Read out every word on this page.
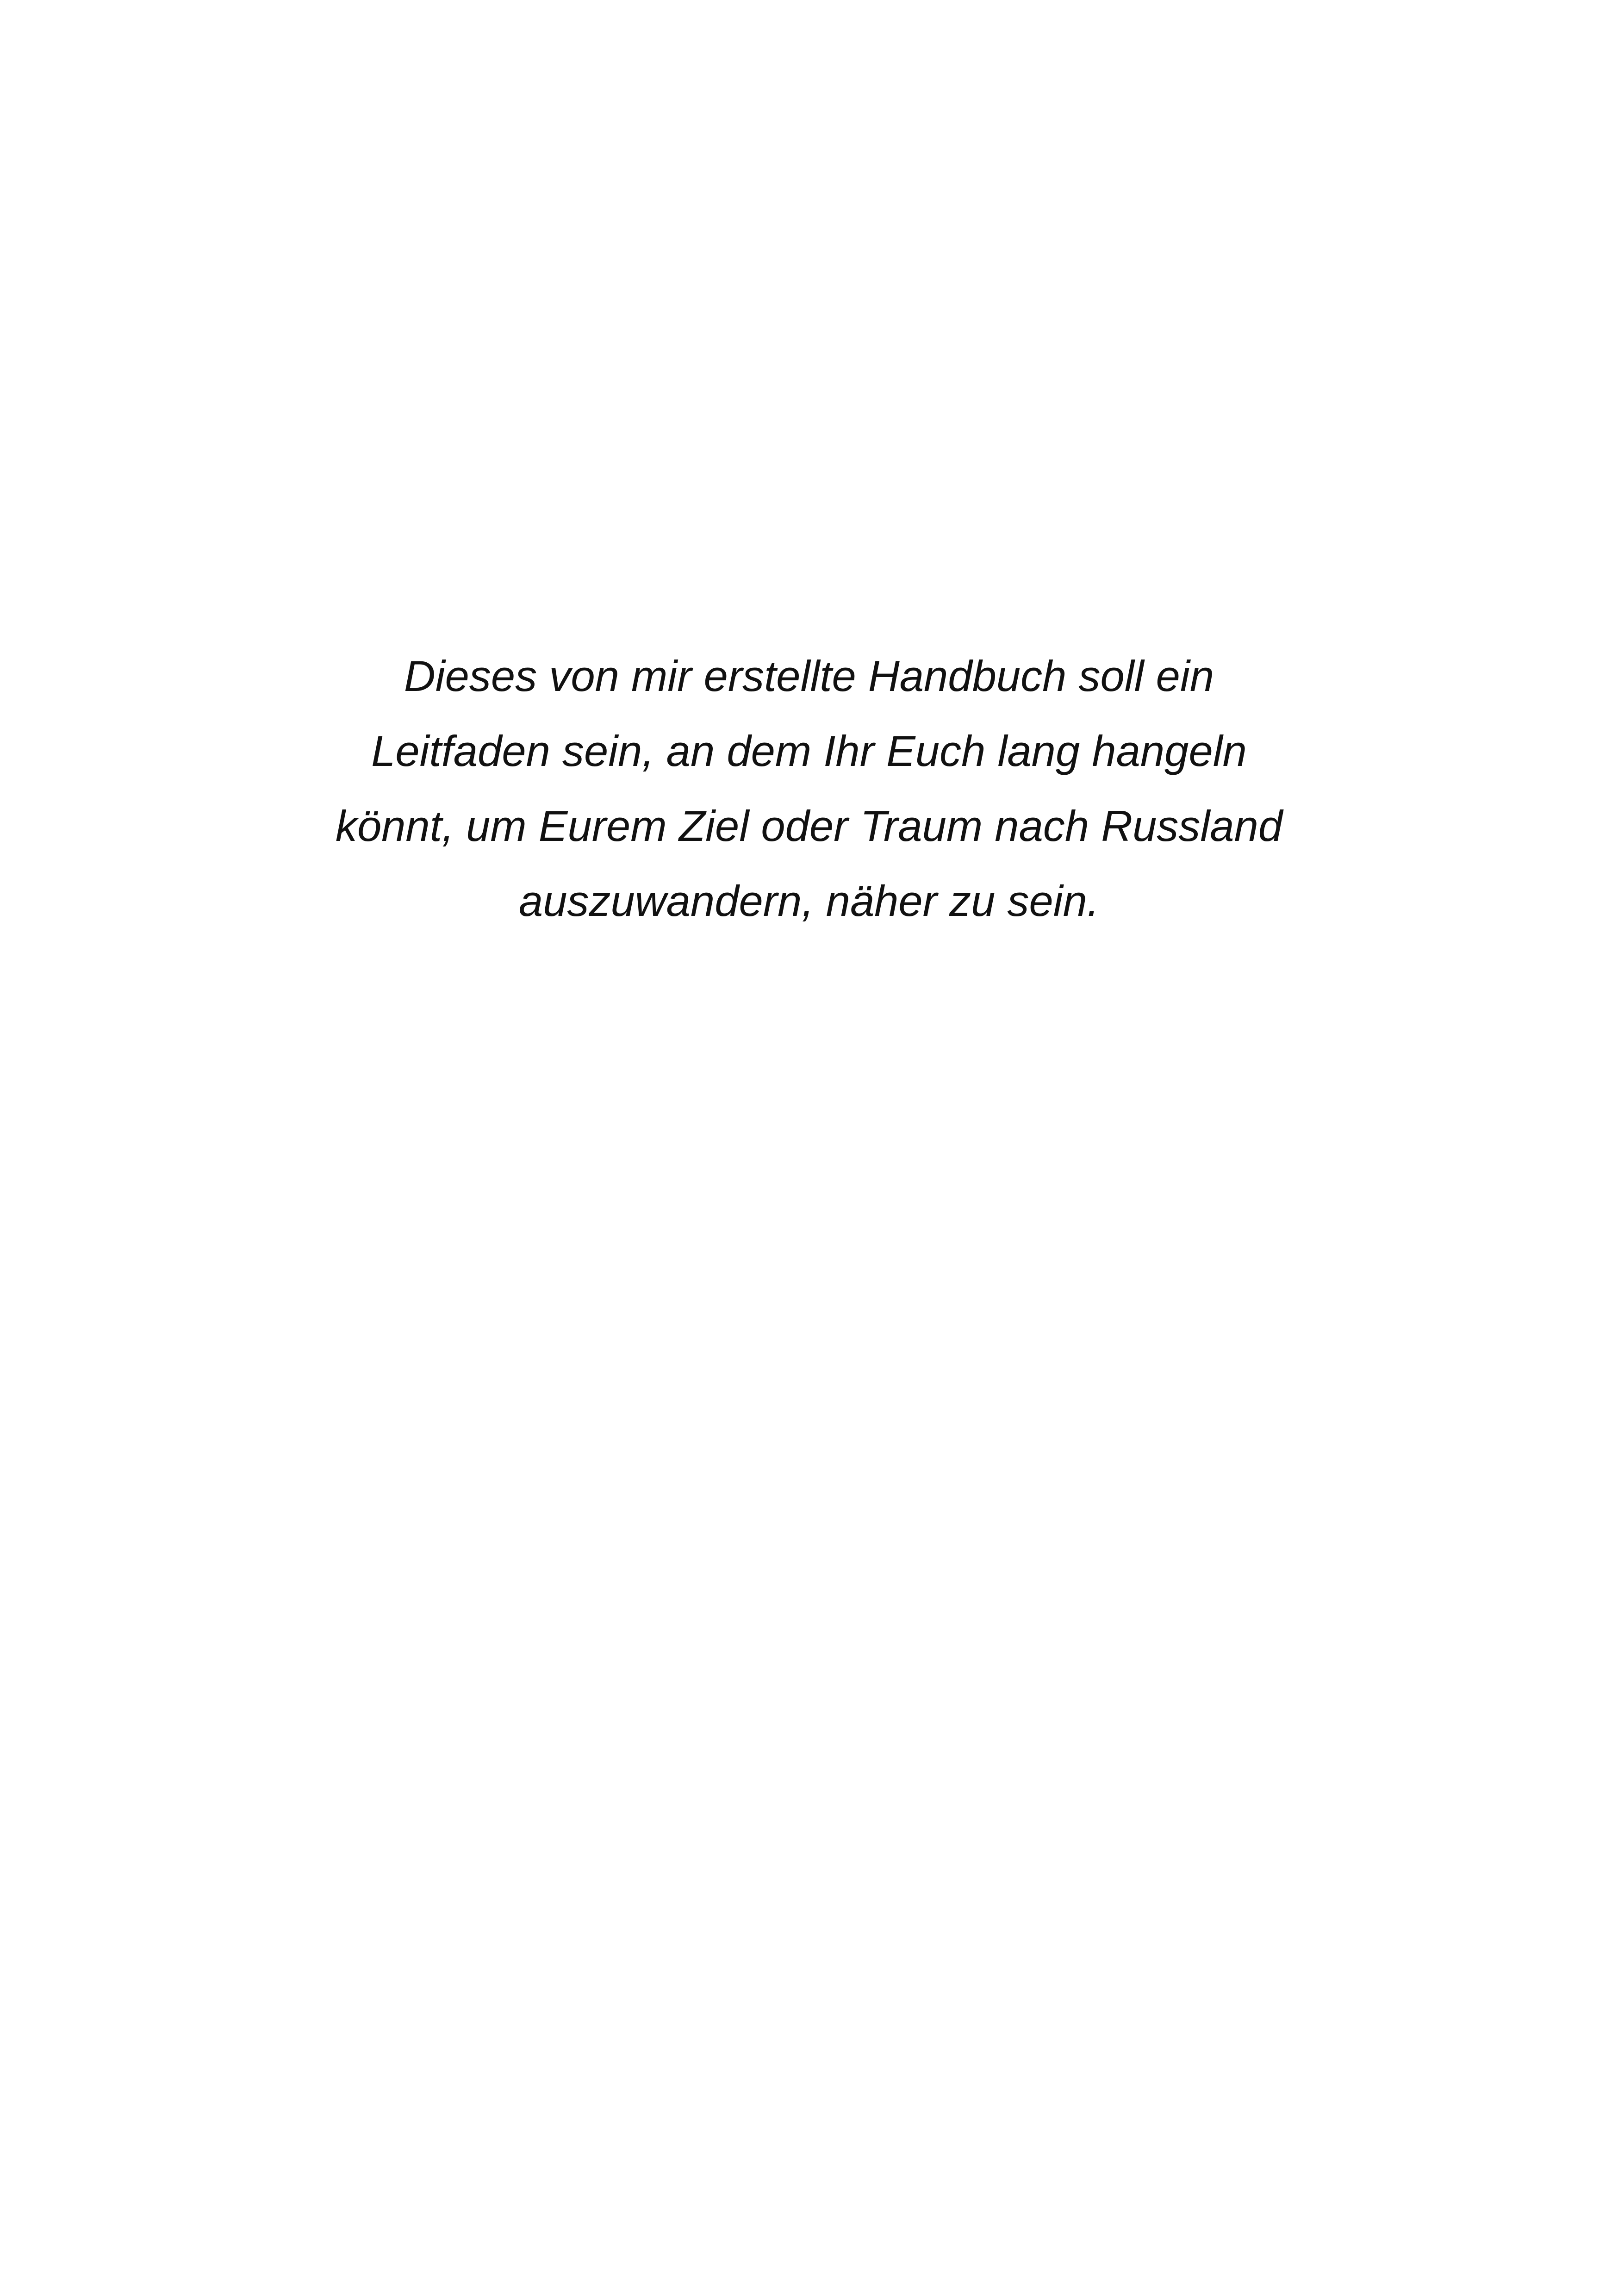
Dieses von mir erstellte Handbuch soll ein
Leitfaden sein, an dem Ihr Euch lang hangeln
könnt, um Eurem Ziel oder Traum nach Russland
auszuwandern, näher zu sein.
